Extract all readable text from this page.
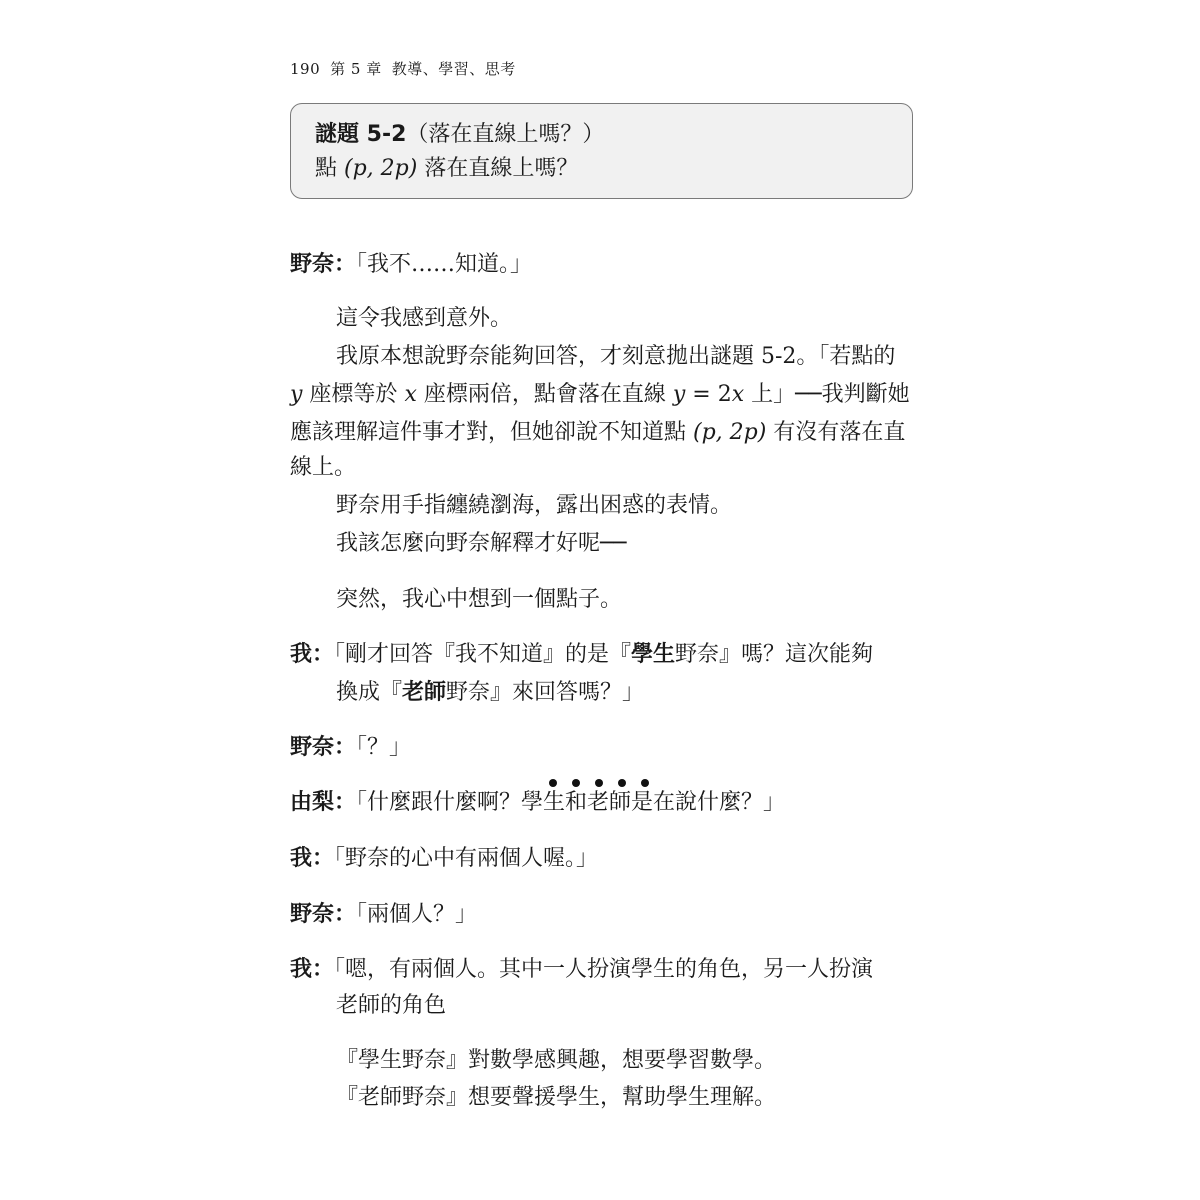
190 第 5 章 教導、學習、思考
謎題 5-2（落在直線上嗎？）
點 (p, 2p) 落在直線上嗎？
野奈：「我不……知道。」
這令我感到意外。
我原本想說野奈能夠回答，才刻意拋出謎題 5-2。「若點的
y 座標等於 x 座標兩倍，點會落在直線 y = 2x 上」──我判斷她
應該理解這件事才對，但她卻說不知道點 (p, 2p) 有沒有落在直
線上。
野奈用手指纏繞瀏海，露出困惑的表情。
我該怎麼向野奈解釋才好呢──
突然，我心中想到一個點子。
我：「剛才回答『我不知道』的是『學生野奈』嗎？這次能夠
換成『老師野奈』來回答嗎？」
野奈：「？」
由梨：「什麼跟什麼啊？學生和老師是在說什麼？」
我：「野奈的心中有兩個人喔。」
野奈：「兩個人？」
我：「嗯，有兩個人。其中一人扮演學生的角色，另一人扮演
老師的角色
『學生野奈』對數學感興趣，想要學習數學。
『老師野奈』想要聲援學生，幫助學生理解。
